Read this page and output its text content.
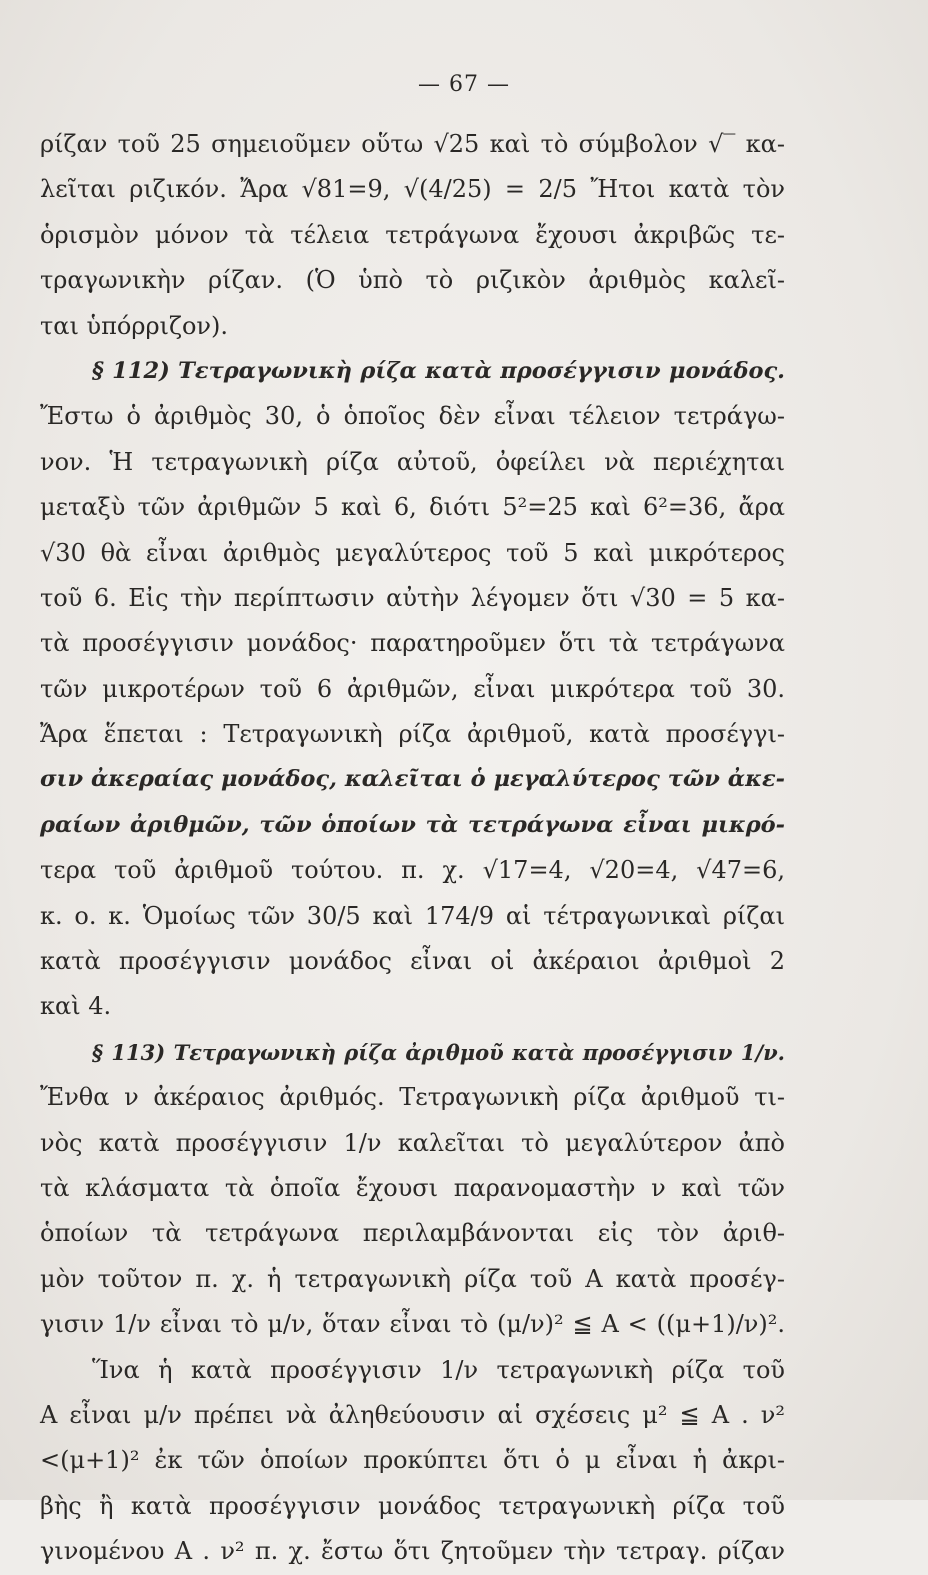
— 67 —
ρίζαν τοῦ 25 σημειοῦμεν οὕτω √25 καὶ τὸ σύμβολον √‾ κα-
λεῖται ριζικόν. Ἄρα √81=9, √(4/25) = 2/5 Ἤτοι κατὰ τὸν
ὁρισμὸν μόνον τὰ τέλεια τετράγωνα ἔχουσι ἀκριβῶς τε-
τραγωνικὴν ρίζαν. (Ὁ ὑπὸ τὸ ριζικὸν ἀριθμὸς καλεῖ-
ται ὑπόρριζον).
§ 112) Τετραγωνικὴ ρίζα κατὰ προσέγγισιν μονάδος.
Ἔστω ὁ ἀριθμὸς 30, ὁ ὁποῖος δὲν εἶναι τέλειον τετράγω-
νον. Ἡ τετραγωνικὴ ρίζα αὐτοῦ, ὀφείλει νὰ περιέχηται
μεταξὺ τῶν ἀριθμῶν 5 καὶ 6, διότι 5²=25 καὶ 6²=36, ἄρα
√30 θὰ εἶναι ἀριθμὸς μεγαλύτερος τοῦ 5 καὶ μικρότερος
τοῦ 6. Εἰς τὴν περίπτωσιν αὐτὴν λέγομεν ὅτι √30 = 5 κα-
τὰ προσέγγισιν μονάδος· παρατηροῦμεν ὅτι τὰ τετράγωνα
τῶν μικροτέρων τοῦ 6 ἀριθμῶν, εἶναι μικρότερα τοῦ 30.
Ἄρα ἕπεται : Τετραγωνικὴ ρίζα ἀριθμοῦ, κατὰ προσέγγι-
σιν ἀκεραίας μονάδος, καλεῖται ὁ μεγαλύτερος τῶν ἀκε-
ραίων ἀριθμῶν, τῶν ὁποίων τὰ τετράγωνα εἶναι μικρό-
τερα τοῦ ἀριθμοῦ τούτου. π. χ. √17=4, √20=4, √47=6,
κ. ο. κ. Ὁμοίως τῶν 30/5 καὶ 174/9 αἱ τέτραγωνικαὶ ρίζαι
κατὰ προσέγγισιν μονάδος εἶναι οἱ ἀκέραιοι ἀριθμοὶ 2
καὶ 4.
§ 113) Τετραγωνικὴ ρίζα ἀριθμοῦ κατὰ προσέγγισιν 1/ν.
Ἔνθα ν ἀκέραιος ἀριθμός. Τετραγωνικὴ ρίζα ἀριθμοῦ τι-
νὸς κατὰ προσέγγισιν 1/ν καλεῖται τὸ μεγαλύτερον ἀπὸ
τὰ κλάσματα τὰ ὁποῖα ἔχουσι παρανομαστὴν ν καὶ τῶν
ὁποίων τὰ τετράγωνα περιλαμβάνονται εἰς τὸν ἀριθ-
μὸν τοῦτον π. χ. ἡ τετραγωνικὴ ρίζα τοῦ Α κατὰ προσέγ-
γισιν 1/ν εἶναι τὸ μ/ν, ὅταν εἶναι τὸ (μ/ν)² ≦ Α < ((μ+1)/ν)².
Ἵνα ἡ κατὰ προσέγγισιν 1/ν τετραγωνικὴ ρίζα τοῦ
Α εἶναι μ/ν πρέπει νὰ ἀληθεύουσιν αἱ σχέσεις μ² ≦ Α . ν²
<(μ+1)² ἐκ τῶν ὁποίων προκύπτει ὅτι ὁ μ εἶναι ἡ ἀκρι-
βὴς ἢ κατὰ προσέγγισιν μονάδος τετραγωνικὴ ρίζα τοῦ
γινομένου Α . ν² π. χ. ἔστω ὅτι ζητοῦμεν τὴν τετραγ. ρίζαν
